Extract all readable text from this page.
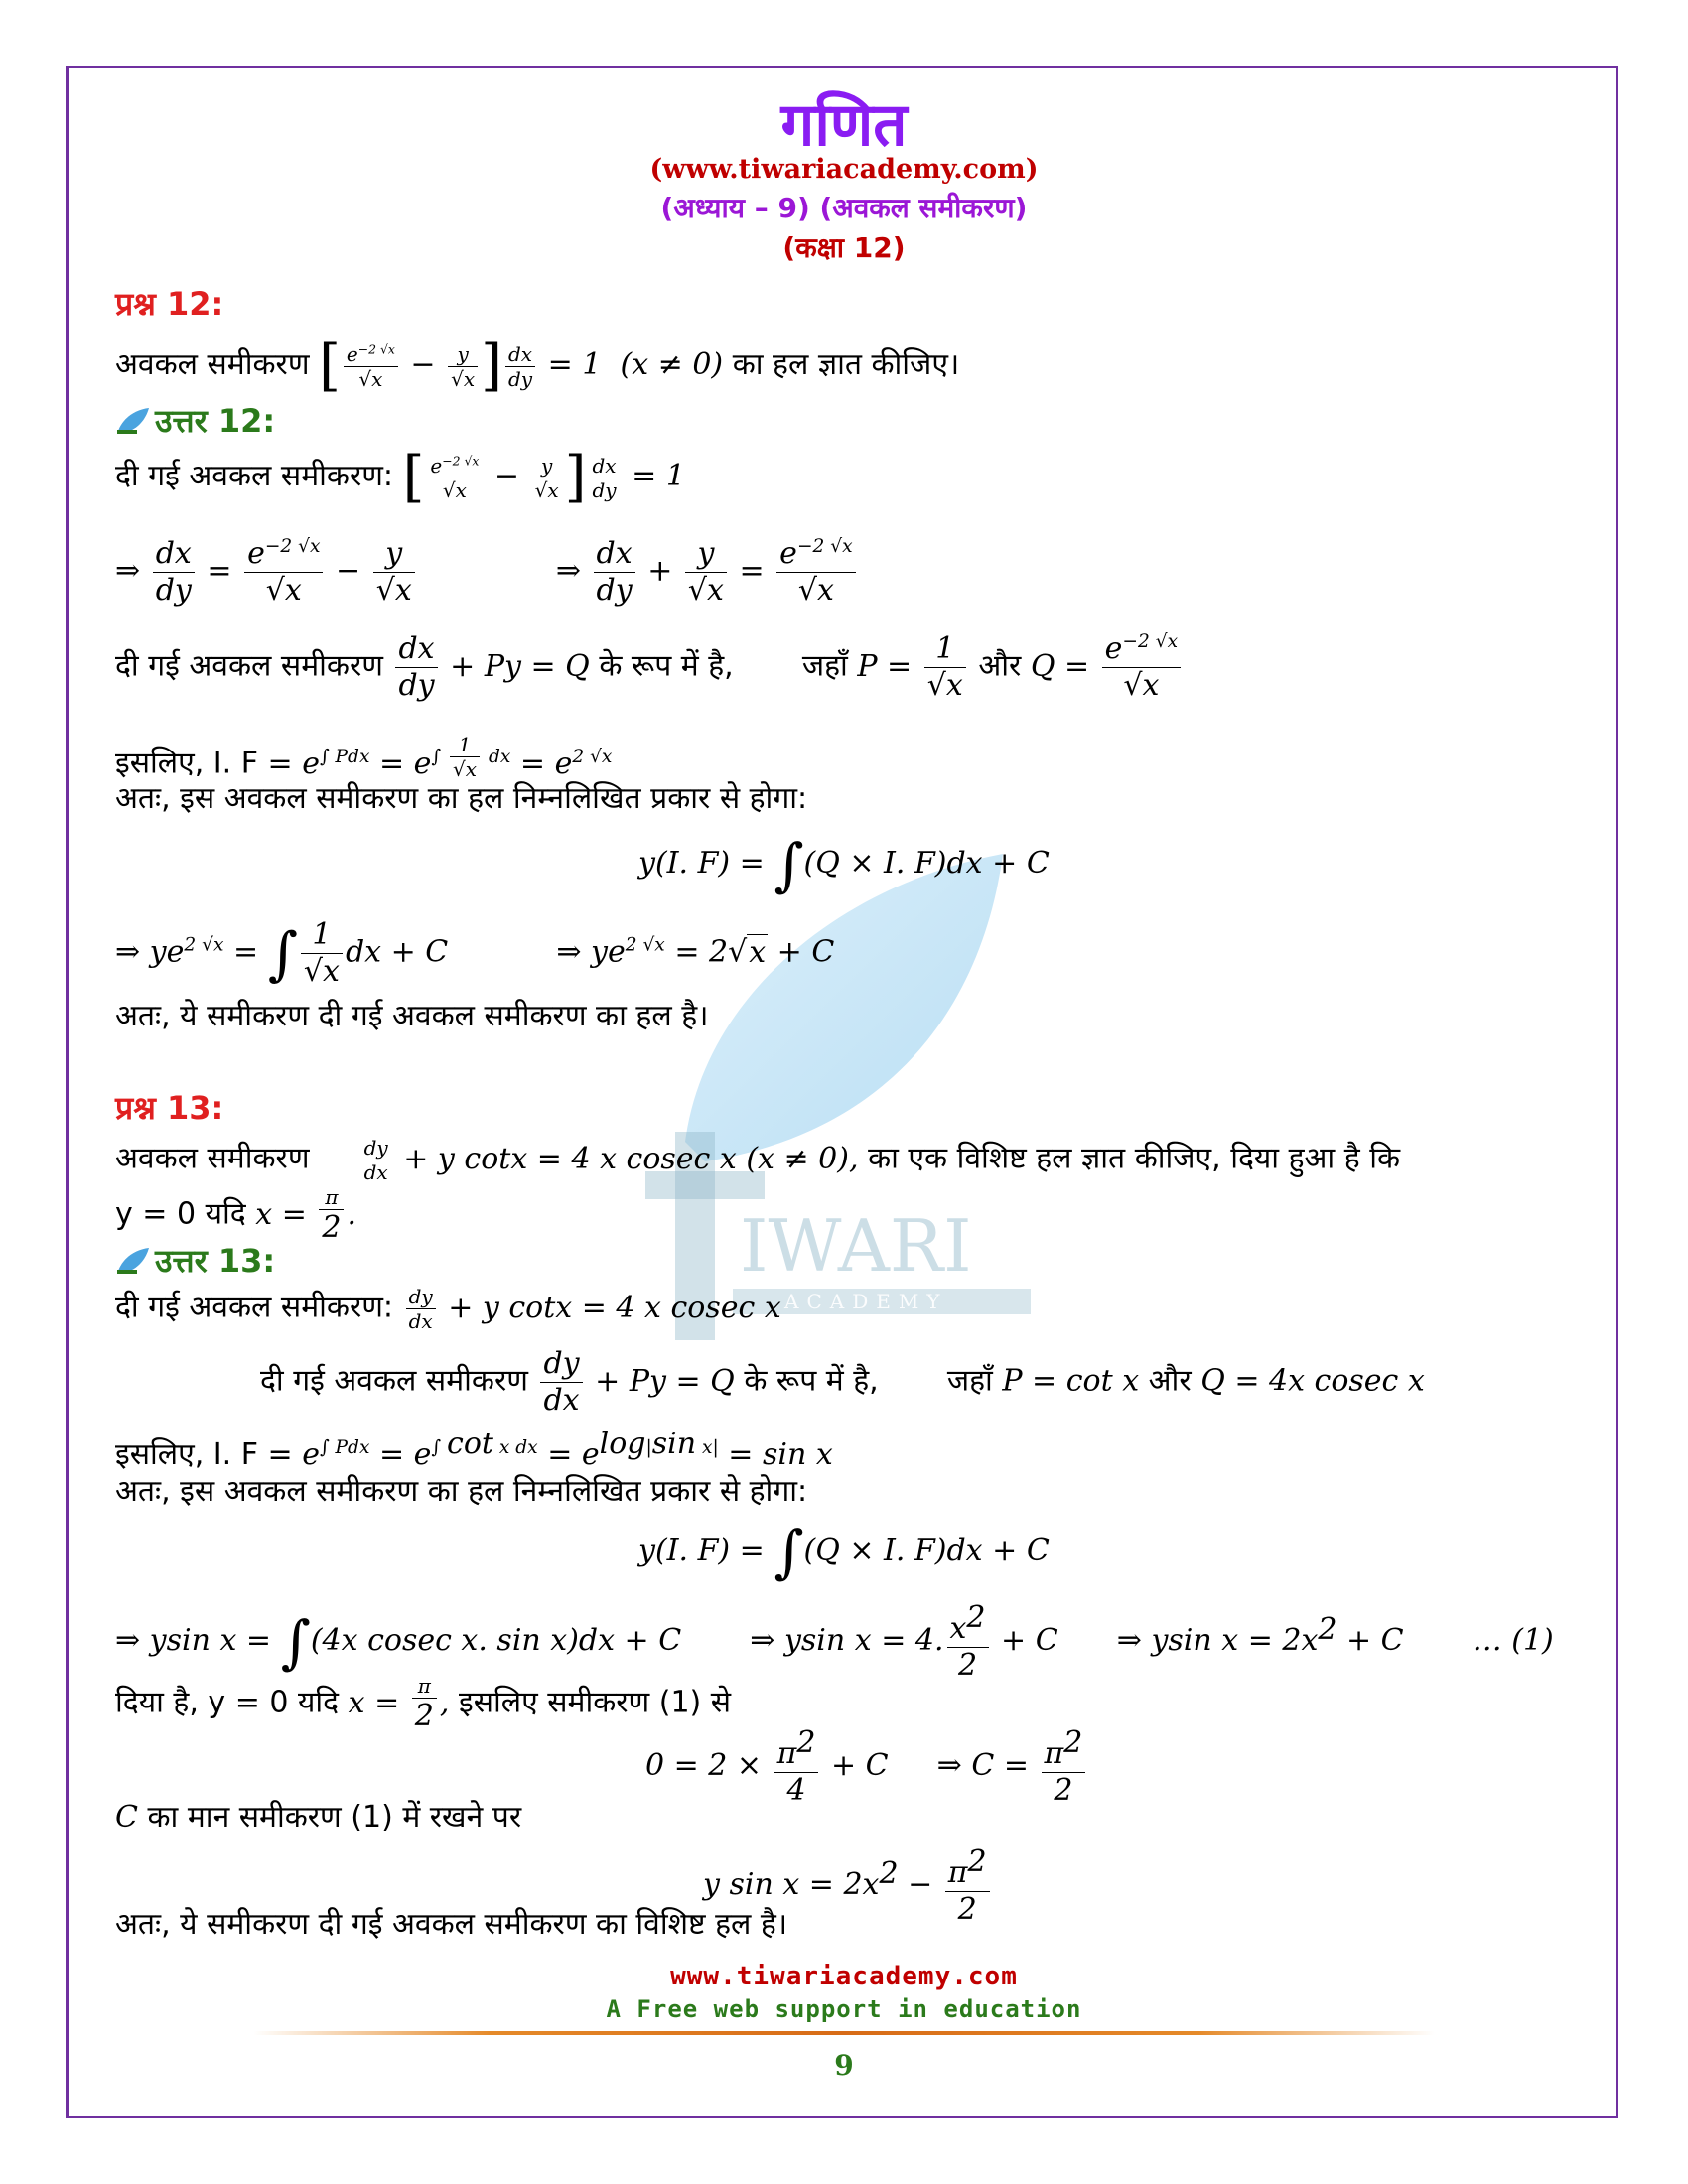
IWARI
ACADEMY
गणित
(www.tiwariacademy.com)
(अध्याय – 9) (अवकल समीकरण)
(कक्षा 12)
प्रश्न 12:
अवकल समीकरण [ $\frac{e^{-2 √x}}{√x} - \frac{y}{√x}$ ] $\frac{dx}{dy} = 1$ (x ≠ 0) का हल ज्ञात कीजिए।
उत्तर 12:
दी गई अवकल समीकरण: [ $\frac{e^{-2 √x}}{√x} - \frac{y}{√x}$ ] $\frac{dx}{dy} = 1$
⇒ $\frac{dx}{dy} = \frac{e^{-2 √x}}{√x} - \frac{y}{√x}$	⇒ $\frac{dx}{dy} + \frac{y}{√x} = \frac{e^{-2 √x}}{√x}$
दी गई अवकल समीकरण $\frac{dx}{dy} + Py = Q$ के रूप में है, जहाँ $P = \frac{1}{√x}$ और $Q = \frac{e^{-2 √x}}{√x}$
इसलिए, I. $F = e^{\int Pdx} = e^{\int \frac{1}{√x} dx} = e^{2 √x}$
अतः, इस अवकल समीकरण का हल निम्नलिखित प्रकार से होगा:
y(I. F) = ∫(Q × I. F)dx + C
⇒ $ye^{2 √x}$ = ∫ $\frac{1}{√x}$ dx + C	⇒ $ye^{2 √x} = 2√x + C$
अतः, ये समीकरण दी गई अवकल समीकरण का हल है।
प्रश्न 13:
अवकल समीकरण	$\frac{dy}{dx} + y$ cotx = 4 x cosec x (x ≠ 0), का एक विशिष्ट हल ज्ञात कीजिए, दिया हुआ है कि
y = 0 यदि x = π
2 .
उत्तर 13:
दी गई अवकल समीकरण: $\frac{dy}{dx} + y$ cotx = 4 x cosec x
दी गई अवकल समीकरण $\frac{dy}{dx} + Py = Q$ के रूप में है, जहाँ P = cot x और Q = 4x cosec x
इसलिए, I. $F = e^{\int Pdx} = e^{\int cot x dx} = e^{log|sin x|} = \sin x$
अतः, इस अवकल समीकरण का हल निम्नलिखित प्रकार से होगा:
y(I. F) = ∫(Q × I. F)dx + C
⇒ ysin x = ∫(4x cosec x. sin x)dx + C  ⇒ ysin x = 4. $\frac{x^2}{2} + C$  ⇒ ysin $x = 2x^2 + C$  … (1)
दिया है, y = 0 यदि x = π
2 , इसलिए समीकरण (1) से
$0 = 2 \times \frac{\pi^2}{4} + C$  ⇒ $C = \frac{\pi^2}{2}$
C का मान समीकरण (1) में रखने पर
y $\sin x = 2x^2 - \frac{\pi^2}{2}$
अतः, ये समीकरण दी गई अवकल समीकरण का विशिष्ट हल है।
www.tiwariacademy.com
A Free web support in education
9
